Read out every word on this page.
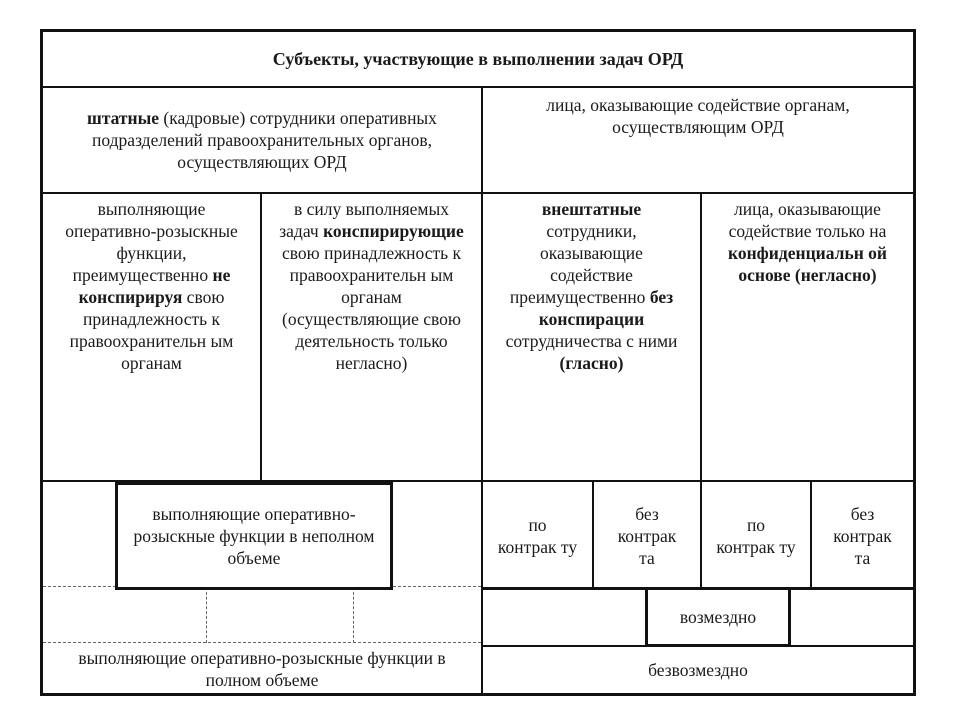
Субъекты, участвующие в выполнении задач ОРД
штатные (кадровые) сотрудники оперативных подразделений правоохранительных органов, осуществляющих ОРД
лица, оказывающие содействие органам, осуществляющим ОРД
выполняющие оперативно-розыскные функции, преимущественно не конспирируя свою принадлежность к правоохранительн ым органам
в силу выполняемых задач конспирирующие свою принадлежность к правоохранительн ым органам (осуществляющие свою деятельность только негласно)
внештатные сотрудники, оказывающие содействие преимущественно без конспирации сотрудничества с ними (гласно)
лица, оказывающие содействие только на конфиденциальн ой основе (негласно)
выполняющие оперативно-розыскные функции в неполном объеме
по контрак ту
без контрак та
по контрак ту
без контрак та
возмездно
выполняющие оперативно-розыскные функции в полном объеме	безвозмездно
